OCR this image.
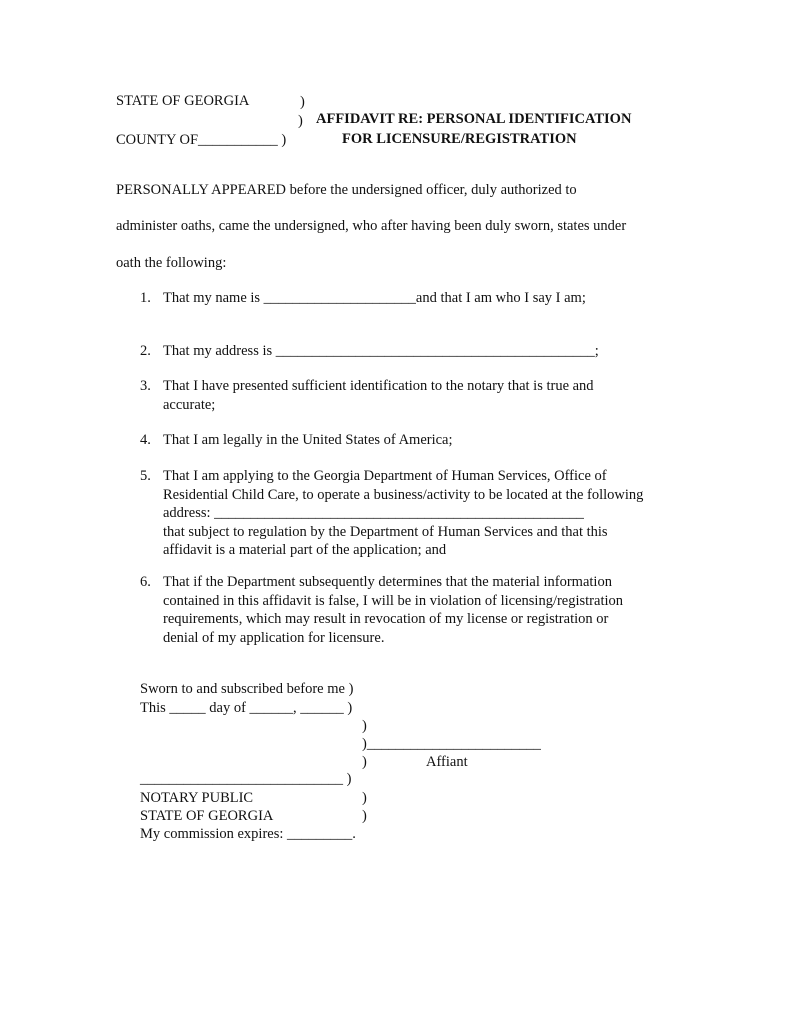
STATE OF GEORGIA	)
)
COUNTY OF___________ )
AFFIDAVIT RE: PERSONAL IDENTIFICATION
FOR LICENSURE/REGISTRATION
PERSONALLY APPEARED before the undersigned officer, duly authorized to
administer oaths, came the undersigned, who after having been duly sworn, states under
oath the following:
1. That my name is _____________________and that I am who I say I am;
2. That my address is ____________________________________________;
3. That I have presented sufficient identification to the notary that is true and
accurate;
4. That I am legally in the United States of America;
5. That I am applying to the Georgia Department of Human Services, Office of
Residential Child Care, to operate a business/activity to be located at the following
address: ___________________________________________________
that subject to regulation by the Department of Human Services and that this
affidavit is a material part of the application; and
6. That if the Department subsequently determines that the material information
contained in this affidavit is false, I will be in violation of licensing/registration
requirements, which may result in revocation of my license or registration or
denial of my application for licensure.
Sworn to and subscribed before me )
This _____ day of ______, ______ )
)
)________________________
)	Affiant
____________________________ )
NOTARY PUBLIC	)
STATE OF GEORGIA	)
My commission expires: _________.
